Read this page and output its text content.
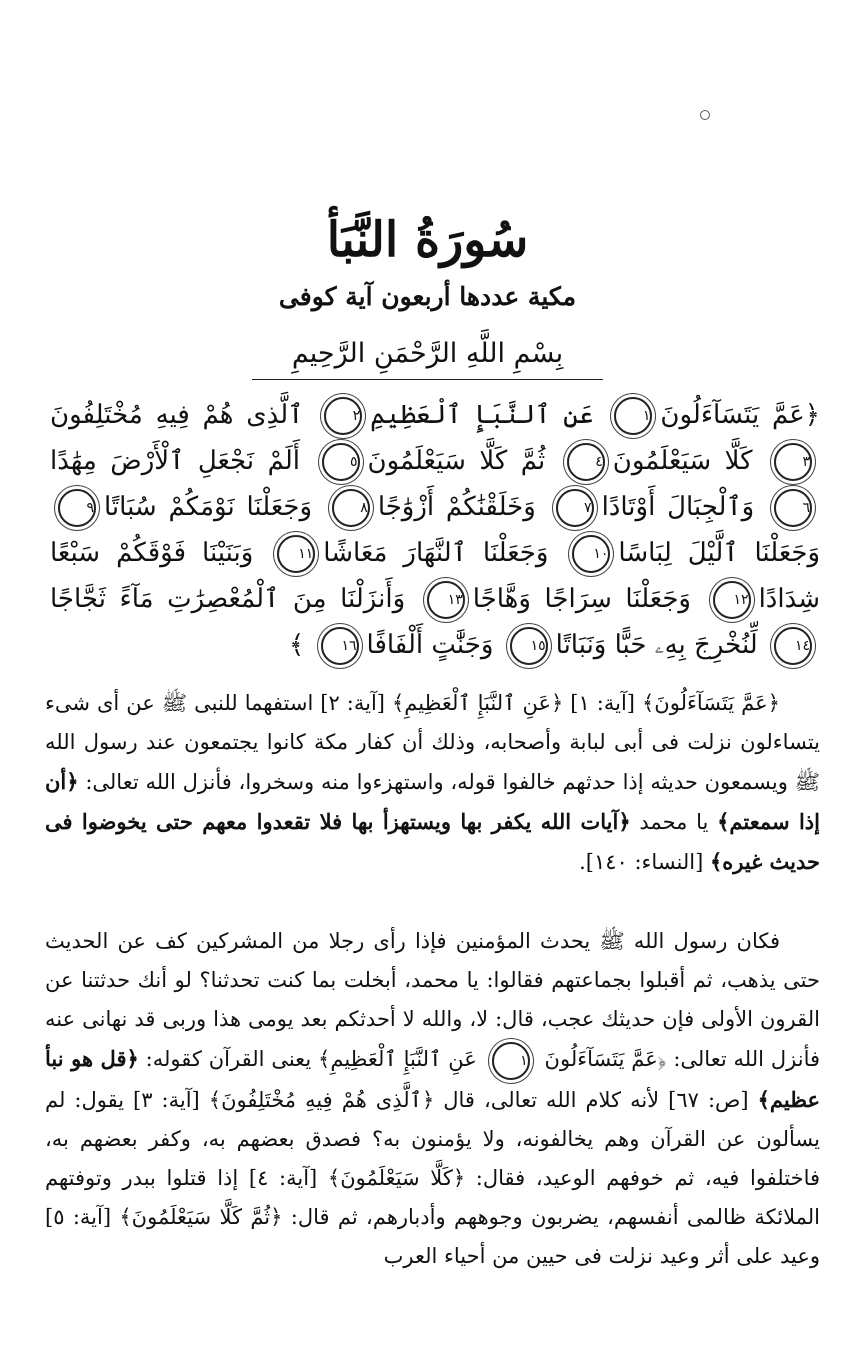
سُورَةُ النَّبَأ
مكية عددها أربعون آية كوفى
بِسْمِ اللَّهِ الرَّحْمَنِ الرَّحِيمِ
﴿عَمَّ يَتَسَآءَلُونَ١ عَنِ ٱلنَّبَإِ ٱلْعَظِيمِ٢ ٱلَّذِى هُمْ فِيهِ مُخْتَلِفُونَ٣ كَلَّا سَيَعْلَمُونَ٤ ثُمَّ كَلَّا سَيَعْلَمُونَ٥ أَلَمْ نَجْعَلِ ٱلْأَرْضَ مِهَٰدًا٦ وَٱلْجِبَالَ أَوْتَادًا٧ وَخَلَقْنَٰكُمْ أَزْوَٰجًا٨ وَجَعَلْنَا نَوْمَكُمْ سُبَاتًا٩ وَجَعَلْنَا ٱلَّيْلَ لِبَاسًا١٠ وَجَعَلْنَا ٱلنَّهَارَ مَعَاشًا١١ وَبَنَيْنَا فَوْقَكُمْ سَبْعًا شِدَادًا١٢ وَجَعَلْنَا سِرَاجًا وَهَّاجًا١٣ وَأَنزَلْنَا مِنَ ٱلْمُعْصِرَٰتِ مَآءً ثَجَّاجًا١٤ لِّنُخْرِجَ بِهِۦ حَبًّا وَنَبَاتًا١٥ وَجَنَّٰتٍ أَلْفَافًا١٦ ﴾
﴿عَمَّ يَتَسَآءَلُونَ﴾ [آية: ١] ﴿عَنِ ٱلنَّبَإِ ٱلْعَظِيمِ﴾ [آية: ٢] استفهما للنبى ﷺ عن أى شىء يتساءلون نزلت فى أبى لبابة وأصحابه، وذلك أن كفار مكة كانوا يجتمعون عند رسول الله ﷺ ويسمعون حديثه إذا حدثهم خالفوا قوله، واستهزءوا منه وسخروا، فأنزل الله تعالى: ﴿أن إذا سمعتم﴾ يا محمد ﴿آيات الله يكفر بها ويستهزأ بها فلا تقعدوا معهم حتى يخوضوا فى حديث غيره﴾ [النساء: ١٤٠].
فكان رسول الله ﷺ يحدث المؤمنين فإذا رأى رجلا من المشركين كف عن الحديث حتى يذهب، ثم أقبلوا بجماعتهم فقالوا: يا محمد، أبخلت بما كنت تحدثنا؟ لو أنك حدثتنا عن القرون الأولى فإن حديثك عجب، قال: لا، والله لا أحدثكم بعد يومى هذا وربى قد نهانى عنه فأنزل الله تعالى: ﴿عَمَّ يَتَسَآءَلُونَ ١ عَنِ ٱلنَّبَإِ ٱلْعَظِيمِ﴾ يعنى القرآن كقوله: ﴿قل هو نبأ عظيم﴾ [ص: ٦٧] لأنه كلام الله تعالى، قال ﴿ٱلَّذِى هُمْ فِيهِ مُخْتَلِفُونَ﴾ [آية: ٣] يقول: لم يسألون عن القرآن وهم يخالفونه، ولا يؤمنون به؟ فصدق بعضهم به، وكفر بعضهم به، فاختلفوا فيه، ثم خوفهم الوعيد، فقال: ﴿كَلَّا سَيَعْلَمُونَ﴾ [آية: ٤] إذا قتلوا ببدر وتوفتهم الملائكة ظالمى أنفسهم، يضربون وجوههم وأدبارهم، ثم قال: ﴿ثُمَّ كَلَّا سَيَعْلَمُونَ﴾ [آية: ٥] وعيد على أثر وعيد نزلت فى حيين من أحياء العرب
